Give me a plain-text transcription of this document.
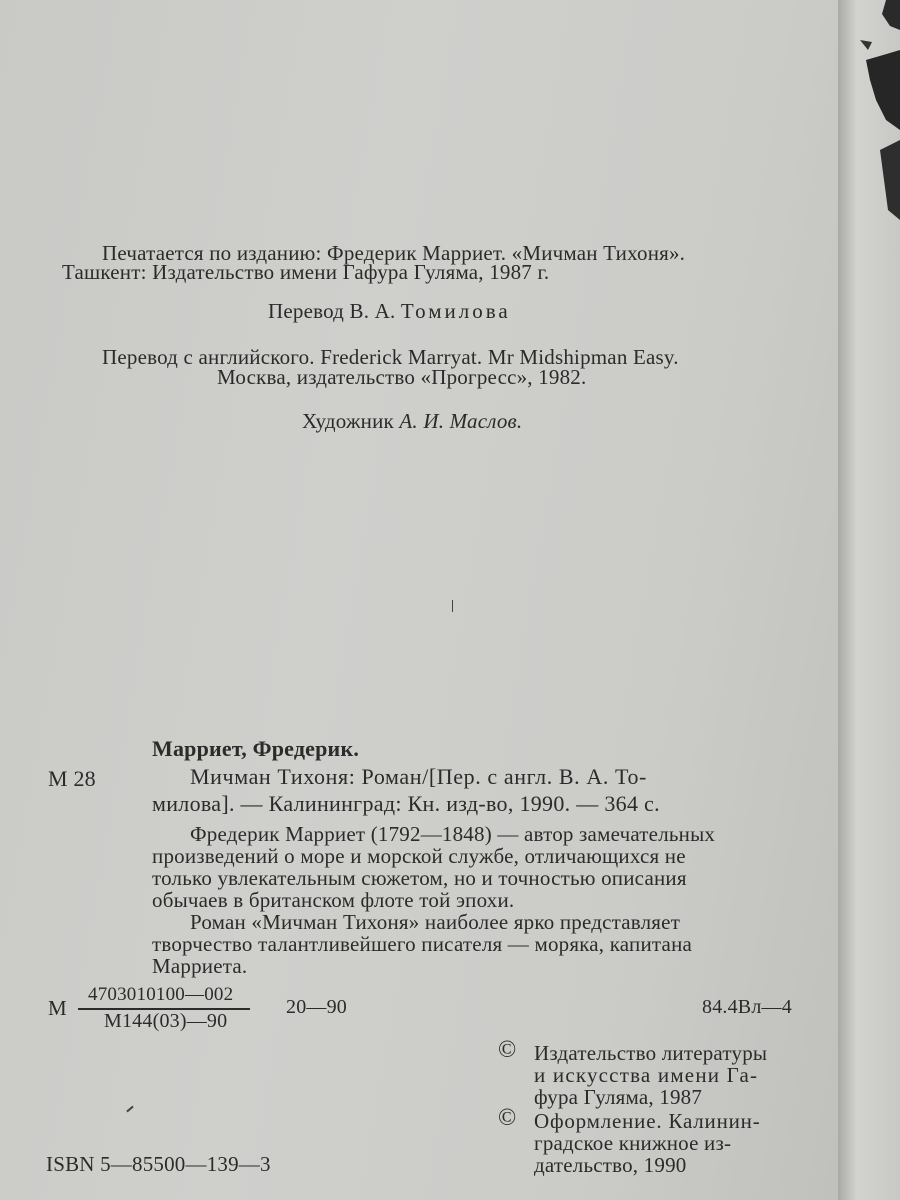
Печатается по изданию: Фредерик Марриет. «Мичман Тихоня».
Ташкент: Издательство имени Гафура Гуляма, 1987 г.
Перевод В. А. Томилова
Перевод с английского. Frederick Marryat. Mr Midshipman Easy.
Москва, издательство «Прогресс», 1982.
Художник А. И. Маслов.
Марриет, Фредерик.
М 28	Мичман Тихоня: Роман/[Пер. с англ. В. А. То-
милова]. — Калининград: Кн. изд-во, 1990. — 364 с.
Фредерик Марриет (1792—1848) — автор замечательных
произведений о море и морской службе, отличающихся не
только увлекательным сюжетом, но и точностью описания
обычаев в британском флоте той эпохи.
Роман «Мичман Тихоня» наиболее ярко представляет
творчество талантливейшего писателя — моряка, капитана
Марриета.
М
4703010100—002
М144(03)—90
20—90	84.4Вл—4
© Издательство литературы
и искусства имени Га-
фура Гуляма, 1987
© Оформление. Калинин-
градское книжное из-
дательство, 1990
ISBN 5—85500—139—3
